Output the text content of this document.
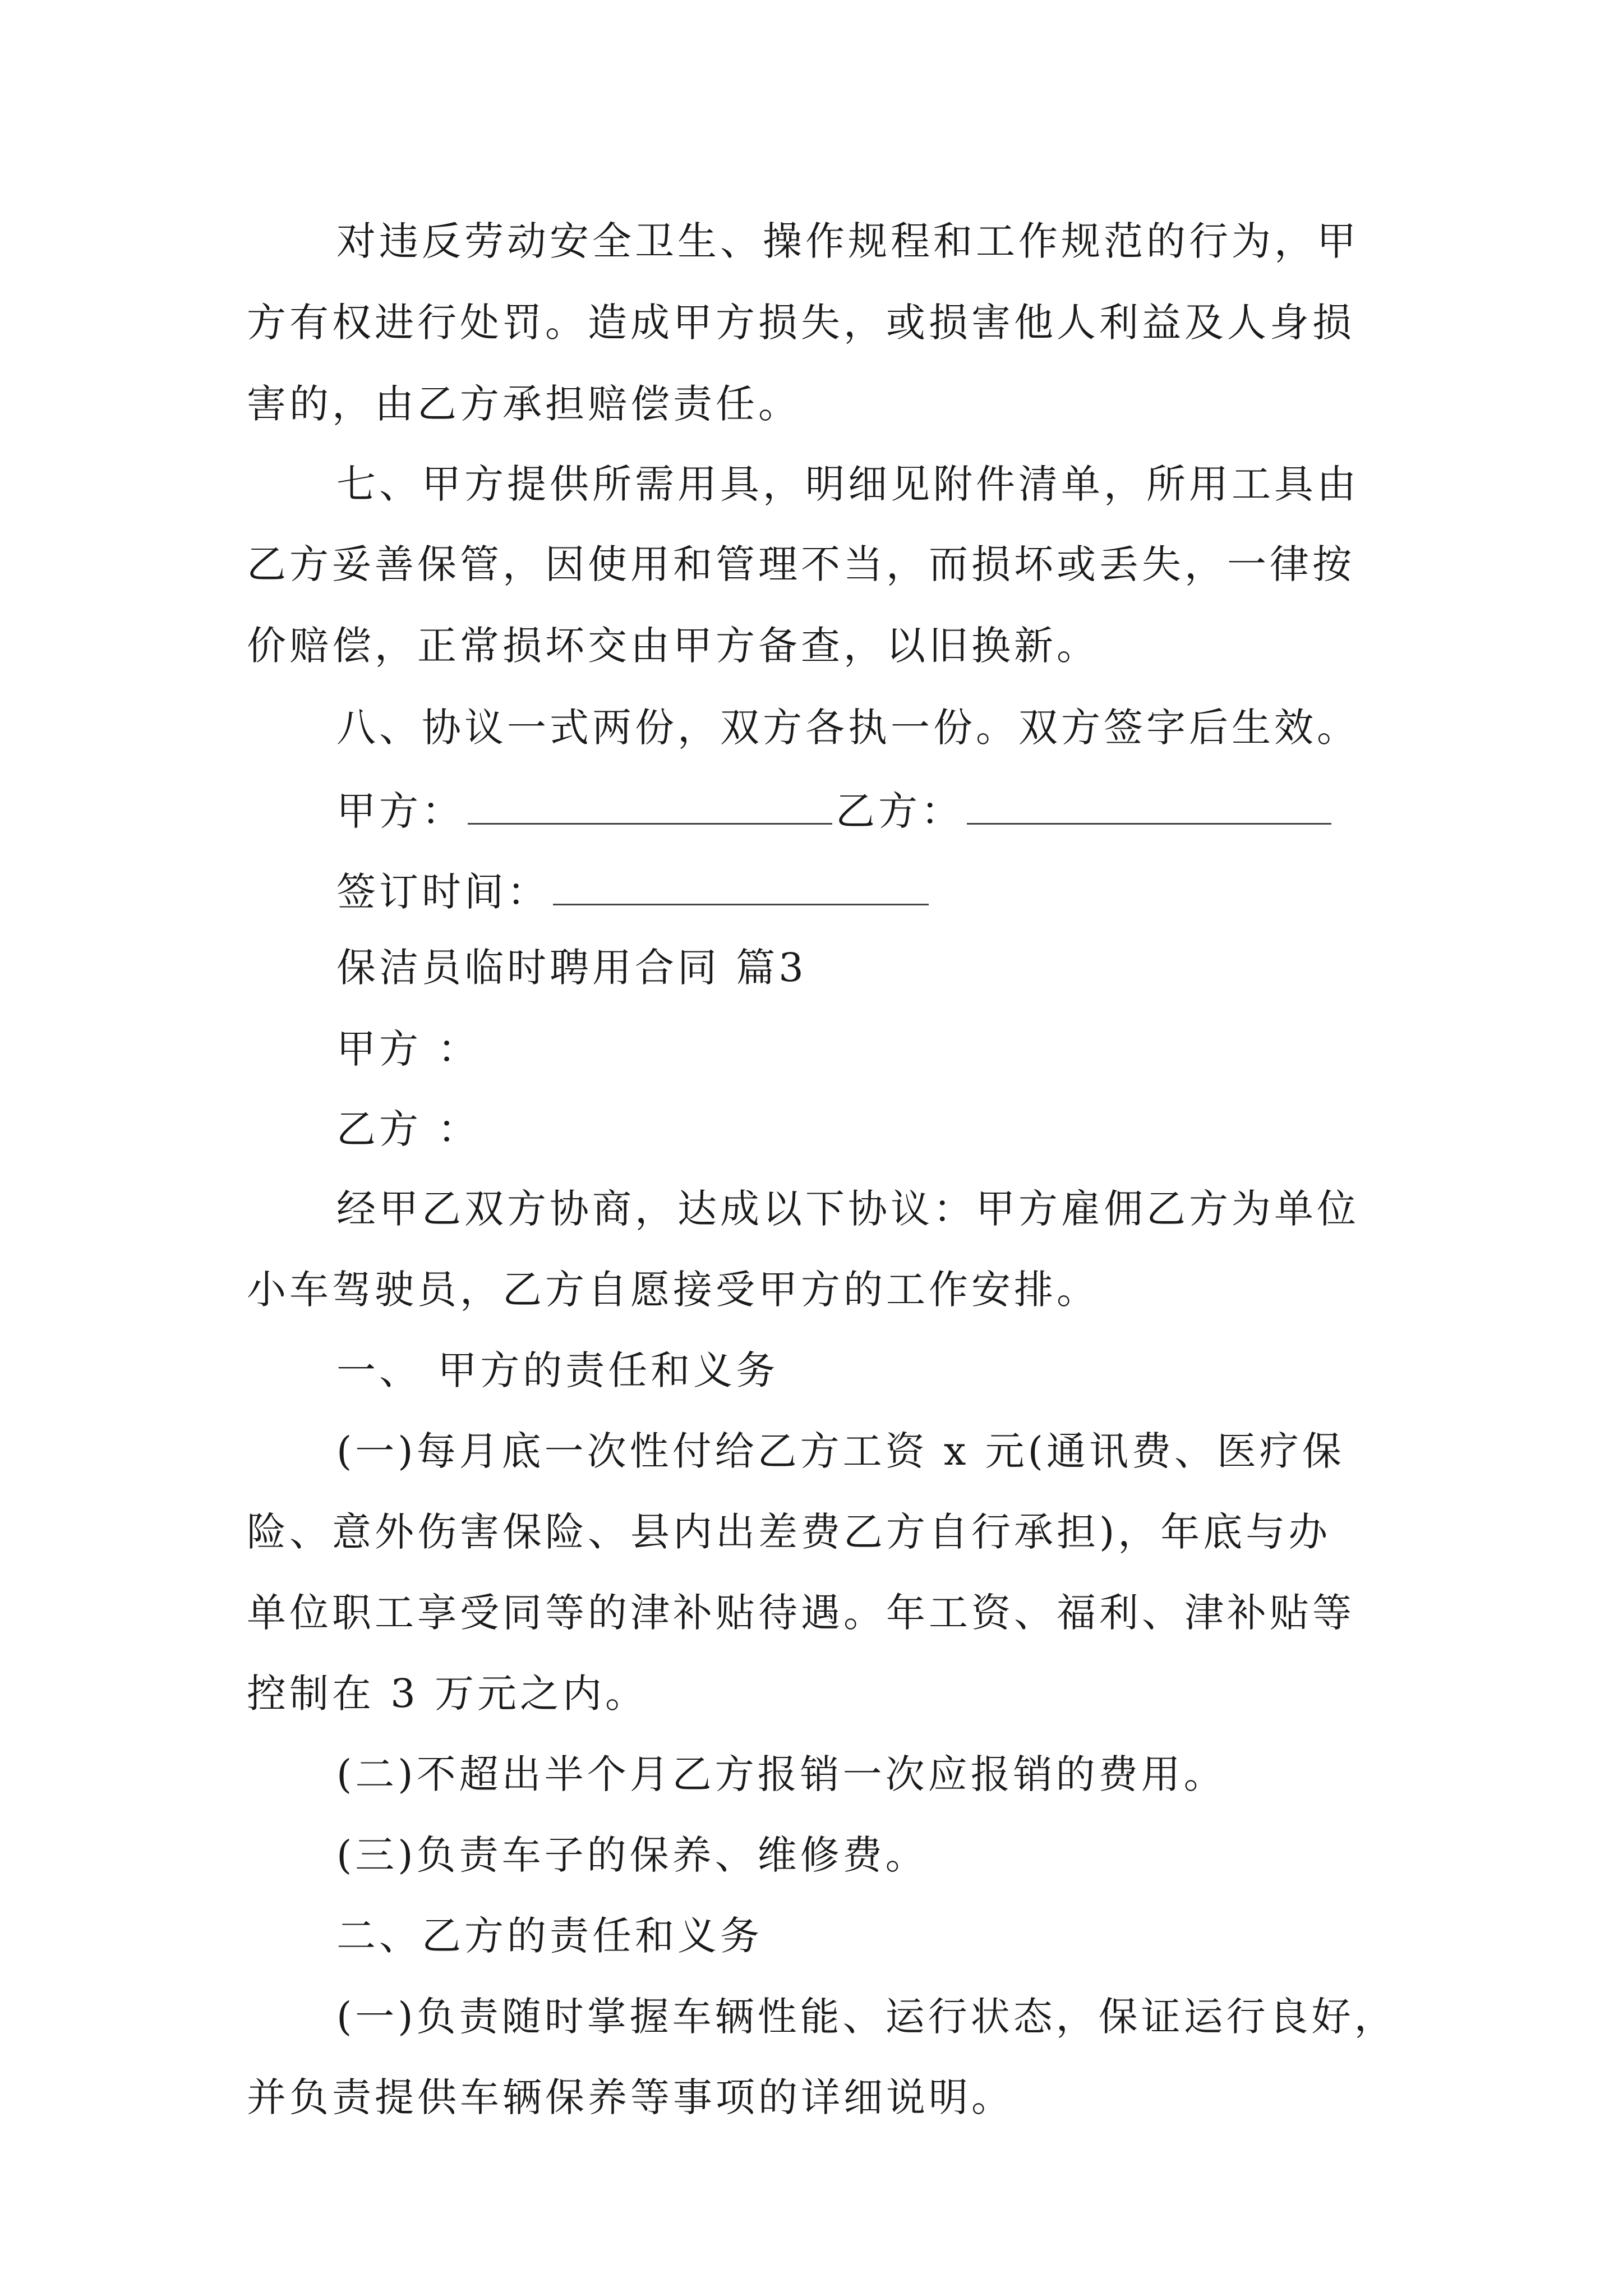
对违反劳动安全卫生、操作规程和工作规范的行为，甲
方有权进行处罚。造成甲方损失，或损害他人利益及人身损
害的，由乙方承担赔偿责任。
七、甲方提供所需用具，明细见附件清单，所用工具由
乙方妥善保管，因使用和管理不当，而损坏或丢失，一律按
价赔偿，正常损坏交由甲方备查，以旧换新。
八、协议一式两份，双方各执一份。双方签字后生效。
甲方：	乙方：
签订时间：
保洁员临时聘用合同 篇3
甲方 ：
乙方 ：
经甲乙双方协商，达成以下协议：甲方雇佣乙方为单位
小车驾驶员，乙方自愿接受甲方的工作安排。
一、 甲方的责任和义务
(一)每月底一次性付给乙方工资 x 元(通讯费、医疗保
险、意外伤害保险、县内出差费乙方自行承担)，年底与办
单位职工享受同等的津补贴待遇。年工资、福利、津补贴等
控制在 3 万元之内。
(二)不超出半个月乙方报销一次应报销的费用。
(三)负责车子的保养、维修费。
二、乙方的责任和义务
(一)负责随时掌握车辆性能、运行状态，保证运行良好，
并负责提供车辆保养等事项的详细说明。
